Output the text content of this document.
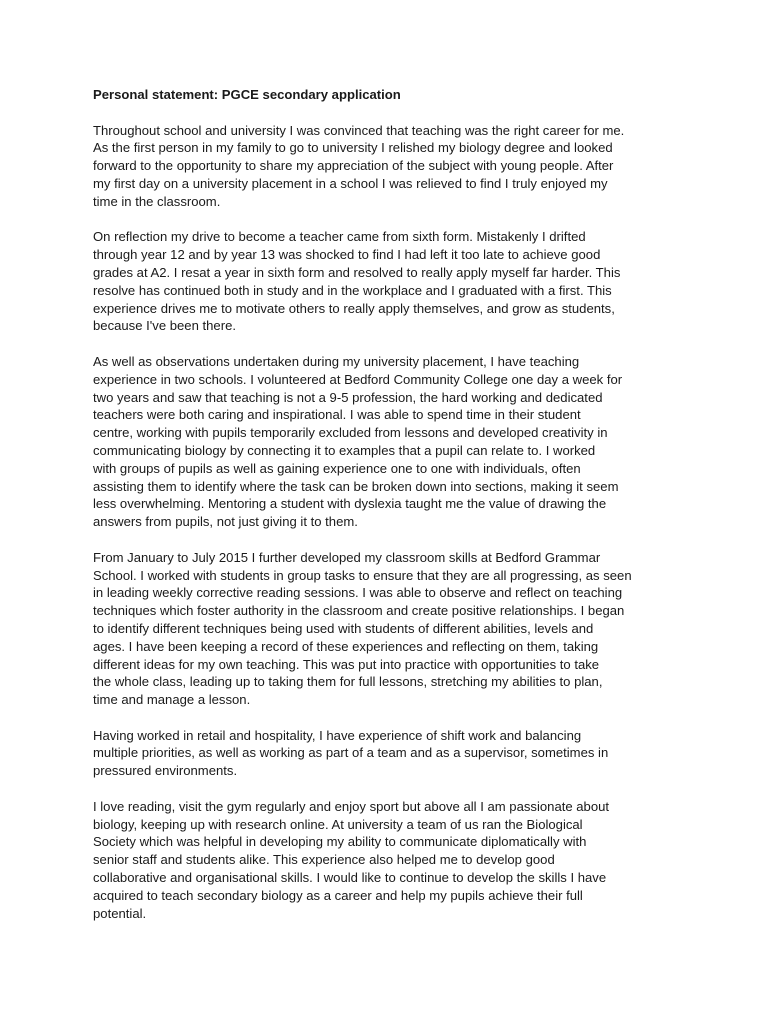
Personal statement: PGCE secondary application
Throughout school and university I was convinced that teaching was the right career for me.
As the first person in my family to go to university I relished my biology degree and looked
forward to the opportunity to share my appreciation of the subject with young people. After
my first day on a university placement in a school I was relieved to find I truly enjoyed my
time in the classroom.
On reflection my drive to become a teacher came from sixth form. Mistakenly I drifted
through year 12 and by year 13 was shocked to find I had left it too late to achieve good
grades at A2. I resat a year in sixth form and resolved to really apply myself far harder. This
resolve has continued both in study and in the workplace and I graduated with a first. This
experience drives me to motivate others to really apply themselves, and grow as students,
because I've been there.
As well as observations undertaken during my university placement, I have teaching
experience in two schools. I volunteered at Bedford Community College one day a week for
two years and saw that teaching is not a 9-5 profession, the hard working and dedicated
teachers were both caring and inspirational. I was able to spend time in their student
centre, working with pupils temporarily excluded from lessons and developed creativity in
communicating biology by connecting it to examples that a pupil can relate to. I worked
with groups of pupils as well as gaining experience one to one with individuals, often
assisting them to identify where the task can be broken down into sections, making it seem
less overwhelming. Mentoring a student with dyslexia taught me the value of drawing the
answers from pupils, not just giving it to them.
From January to July 2015 I further developed my classroom skills at Bedford Grammar
School. I worked with students in group tasks to ensure that they are all progressing, as seen
in leading weekly corrective reading sessions. I was able to observe and reflect on teaching
techniques which foster authority in the classroom and create positive relationships. I began
to identify different techniques being used with students of different abilities, levels and
ages. I have been keeping a record of these experiences and reflecting on them, taking
different ideas for my own teaching. This was put into practice with opportunities to take
the whole class, leading up to taking them for full lessons, stretching my abilities to plan,
time and manage a lesson.
Having worked in retail and hospitality, I have experience of shift work and balancing
multiple priorities, as well as working as part of a team and as a supervisor, sometimes in
pressured environments.
I love reading, visit the gym regularly and enjoy sport but above all I am passionate about
biology, keeping up with research online. At university a team of us ran the Biological
Society which was helpful in developing my ability to communicate diplomatically with
senior staff and students alike. This experience also helped me to develop good
collaborative and organisational skills. I would like to continue to develop the skills I have
acquired to teach secondary biology as a career and help my pupils achieve their full
potential.
